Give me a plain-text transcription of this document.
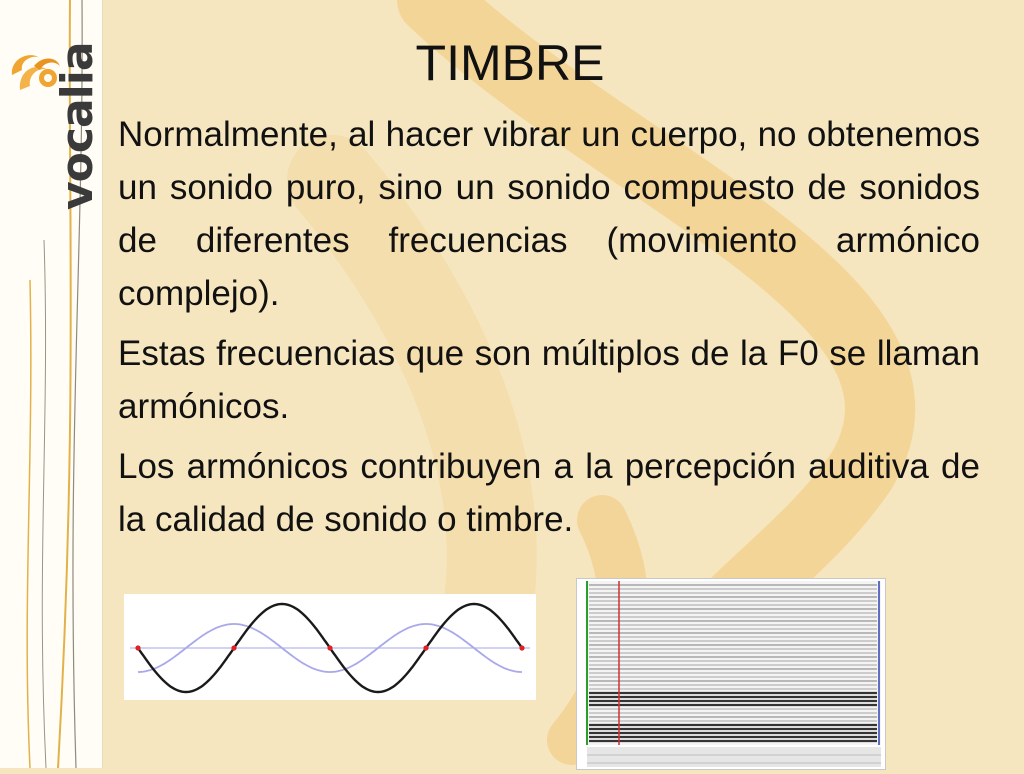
vocalia	TIMBRE

Normalmente, al hacer vibrar un cuerpo, no obtenemos un sonido puro, sino un sonido compuesto de sonidos de diferentes frecuencias (movimiento armónico complejo).

Estas frecuencias que son múltiplos de la F0 se llaman armónicos.

Los armónicos contribuyen a la percepción auditiva de la calidad de sonido o timbre.
